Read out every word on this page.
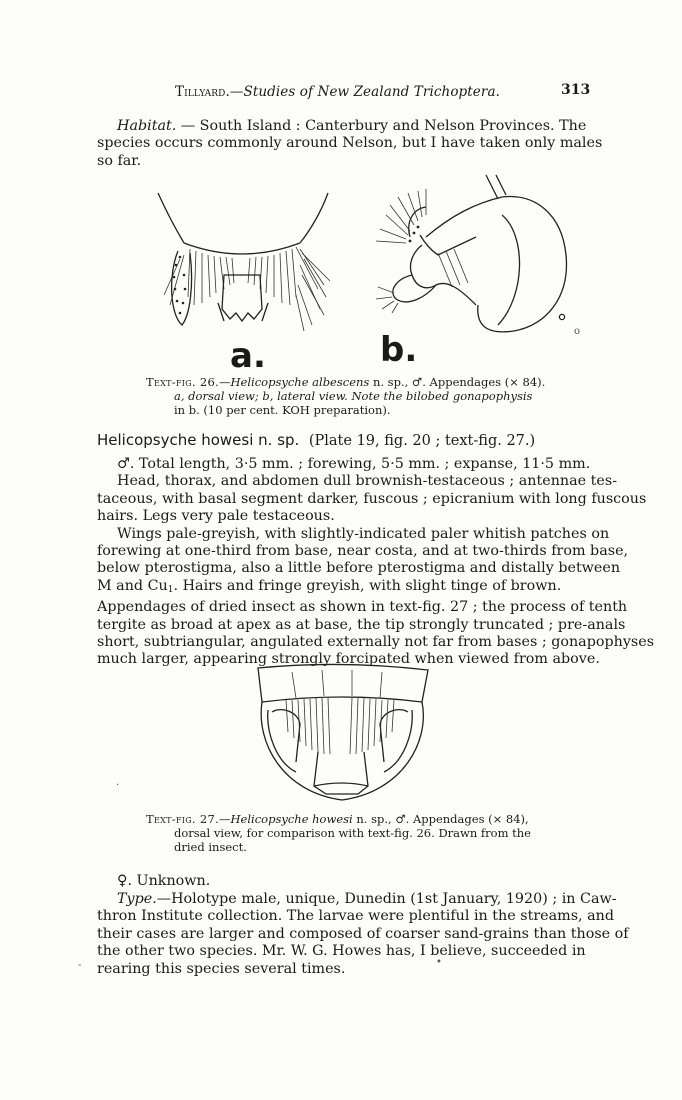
Tillyard.—Studies of New Zealand Trichoptera.	313
Habitat. — South Island : Canterbury and Nelson Provinces. The
species occurs commonly around Nelson, but I have taken only males
so far.
a.	b.
Text-fig. 26.—Helicopsyche albescens n. sp., ♂. Appendages (× 84).
a, dorsal view; b, lateral view. Note the bilobed gonapophysis
in b. (10 per cent. KOH preparation).
Helicopsyche howesi n. sp. (Plate 19, fig. 20 ; text-fig. 27.)
♂. Total length, 3·5 mm. ; forewing, 5·5 mm. ; expanse, 11·5 mm.
Head, thorax, and abdomen dull brownish-testaceous ; antennae tes-
taceous, with basal segment darker, fuscous ; epicranium with long fuscous
hairs. Legs very pale testaceous.
Wings pale-greyish, with slightly-indicated paler whitish patches on
forewing at one-third from base, near costa, and at two-thirds from base,
below pterostigma, also a little before pterostigma and distally between
M and $Cu_1$. Hairs and fringe greyish, with slight tinge of brown.
Appendages of dried insect as shown in text-fig. 27 ; the process of tenth
tergite as broad at apex as at base, the tip strongly truncated ; pre-anals
short, subtriangular, angulated externally not far from bases ; gonapophyses
much larger, appearing strongly forcipated when viewed from above.
Text-fig. 27.—Helicopsyche howesi n. sp., ♂. Appendages (× 84),
dorsal view, for comparison with text-fig. 26. Drawn from the
dried insect.
♀. Unknown.
Type.—Holotype male, unique, Dunedin (1st January, 1920) ; in Caw-
thron Institute collection. The larvae were plentiful in the streams, and
their cases are larger and composed of coarser sand-grains than those of
the other two species. Mr. W. G. Howes has, I believe, succeeded in
rearing this species several times.
-	•
o
·
